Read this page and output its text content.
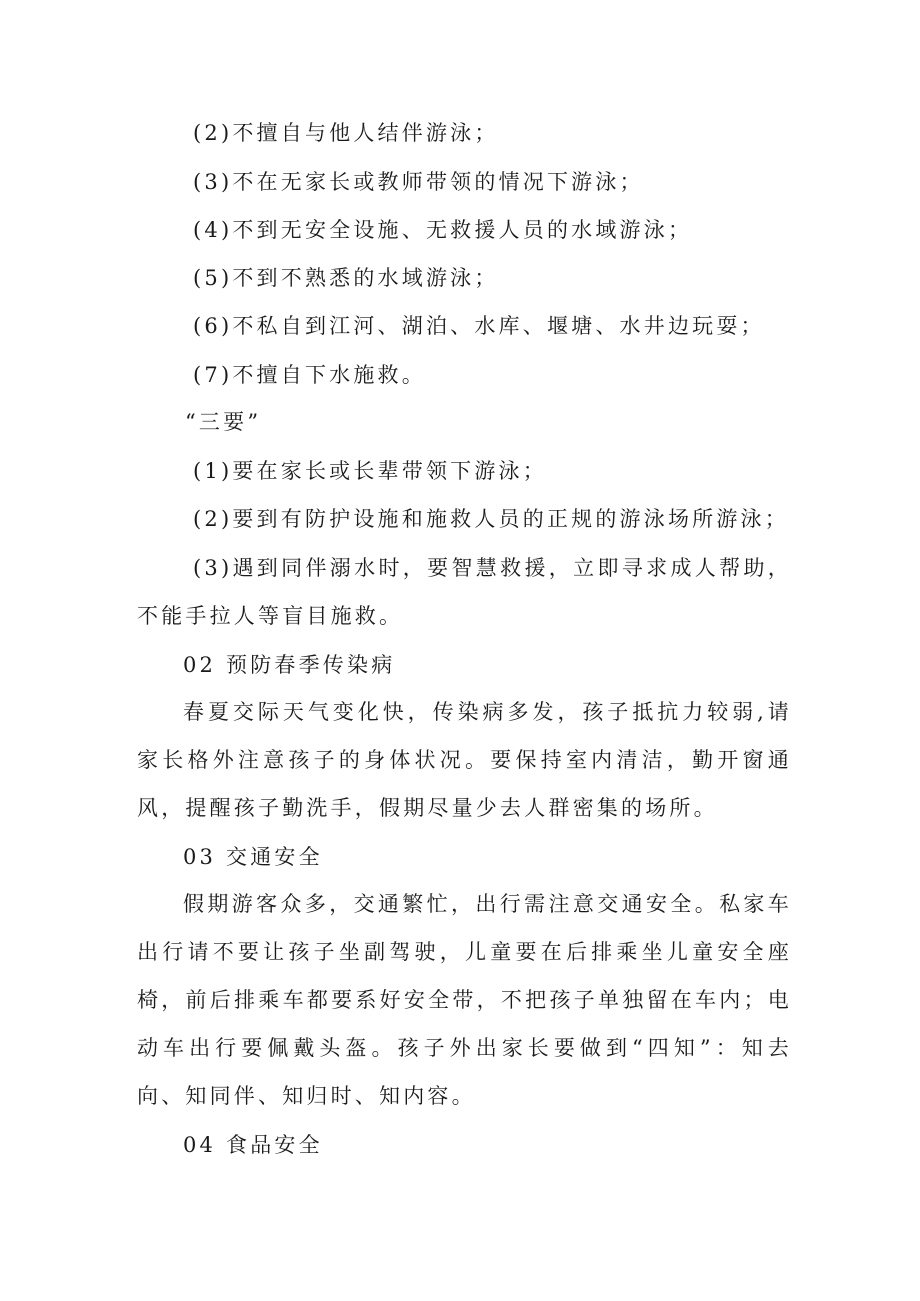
(2)不擅自与他人结伴游泳；
(3)不在无家长或教师带领的情况下游泳；
(4)不到无安全设施、无救援人员的水域游泳；
(5)不到不熟悉的水域游泳；
(6)不私自到江河、湖泊、水库、堰塘、水井边玩耍；
(7)不擅自下水施救。
“三要”
(1)要在家长或长辈带领下游泳；
(2)要到有防护设施和施救人员的正规的游泳场所游泳；
(3)遇到同伴溺水时，要智慧救援，立即寻求成人帮助，不能手拉人等盲目施救。
02 预防春季传染病
春夏交际天气变化快，传染病多发，孩子抵抗力较弱,请家长格外注意孩子的身体状况。要保持室内清洁，勤开窗通风，提醒孩子勤洗手，假期尽量少去人群密集的场所。
03 交通安全
假期游客众多，交通繁忙，出行需注意交通安全。私家车出行请不要让孩子坐副驾驶，儿童要在后排乘坐儿童安全座椅，前后排乘车都要系好安全带，不把孩子单独留在车内；电动车出行要佩戴头盔。孩子外出家长要做到“四知”：知去向、知同伴、知归时、知内容。
04 食品安全
